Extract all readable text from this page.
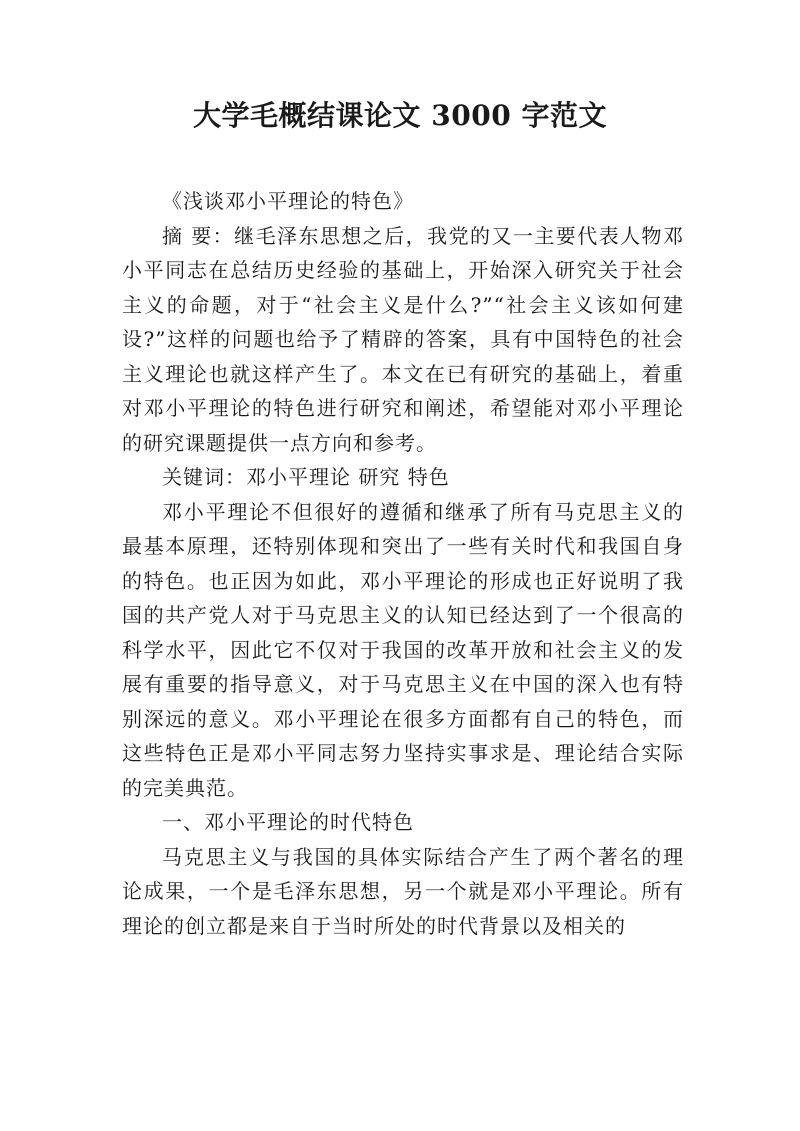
大学毛概结课论文 3000 字范文

《浅谈邓小平理论的特色》

摘 要：继毛泽东思想之后，我党的又一主要代表人物邓小平同志在总结历史经验的基础上，开始深入研究关于社会主义的命题，对于“社会主义是什么?”“社会主义该如何建设?”这样的问题也给予了精辟的答案，具有中国特色的社会主义理论也就这样产生了。本文在已有研究的基础上，着重对邓小平理论的特色进行研究和阐述，希望能对邓小平理论的研究课题提供一点方向和参考。

关键词：邓小平理论 研究 特色

邓小平理论不但很好的遵循和继承了所有马克思主义的最基本原理，还特别体现和突出了一些有关时代和我国自身的特色。也正因为如此，邓小平理论的形成也正好说明了我国的共产党人对于马克思主义的认知已经达到了一个很高的科学水平，因此它不仅对于我国的改革开放和社会主义的发展有重要的指导意义，对于马克思主义在中国的深入也有特别深远的意义。邓小平理论在很多方面都有自己的特色，而这些特色正是邓小平同志努力坚持实事求是、理论结合实际的完美典范。

一、邓小平理论的时代特色

马克思主义与我国的具体实际结合产生了两个著名的理论成果，一个是毛泽东思想，另一个就是邓小平理论。所有理论的创立都是来自于当时所处的时代背景以及相关的
